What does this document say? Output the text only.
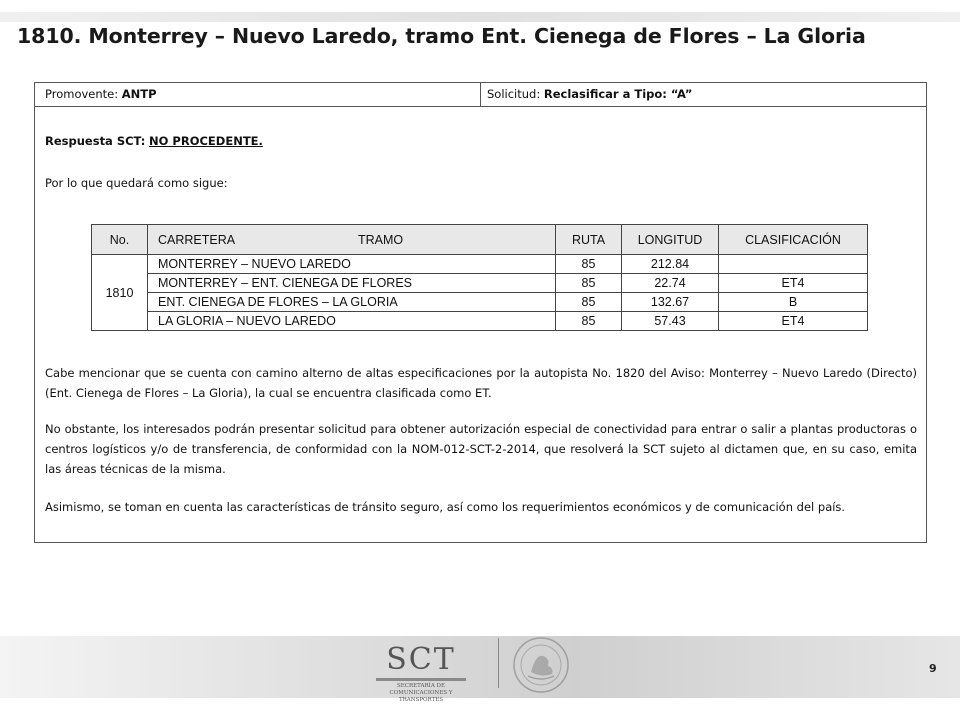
1810. Monterrey – Nuevo Laredo, tramo Ent. Cienega de Flores – La Gloria
Promovente: ANTP	Solicitud: Reclasificar a Tipo: “A”
Respuesta SCT: NO PROCEDENTE.
Por lo que quedará como sigue:
No.	CARRETERA TRAMO	RUTA	LONGITUD	CLASIFICACIÓN
1810	MONTERREY – NUEVO LAREDO	85	212.84	
	MONTERREY – ENT. CIENEGA DE FLORES	85	22.74	ET4
	ENT. CIENEGA DE FLORES – LA GLORIA	85	132.67	B
	LA GLORIA – NUEVO LAREDO	85	57.43	ET4

Cabe mencionar que se cuenta con camino alterno de altas especificaciones por la autopista No. 1820 del Aviso: Monterrey – Nuevo Laredo (Directo) (Ent. Cienega de Flores – La Gloria), la cual se encuentra clasificada como ET.

No obstante, los interesados podrán presentar solicitud para obtener autorización especial de conectividad para entrar o salir a plantas productoras o centros logísticos y/o de transferencia, de conformidad con la NOM-012-SCT-2-2014, que resolverá la SCT sujeto al dictamen que, en su caso, emita las áreas técnicas de la misma.

Asimismo, se toman en cuenta las características de tránsito seguro, así como los requerimientos económicos y de comunicación del país.

SCT
SECRETARÍA DE COMUNICACIONES Y TRANSPORTES
9
